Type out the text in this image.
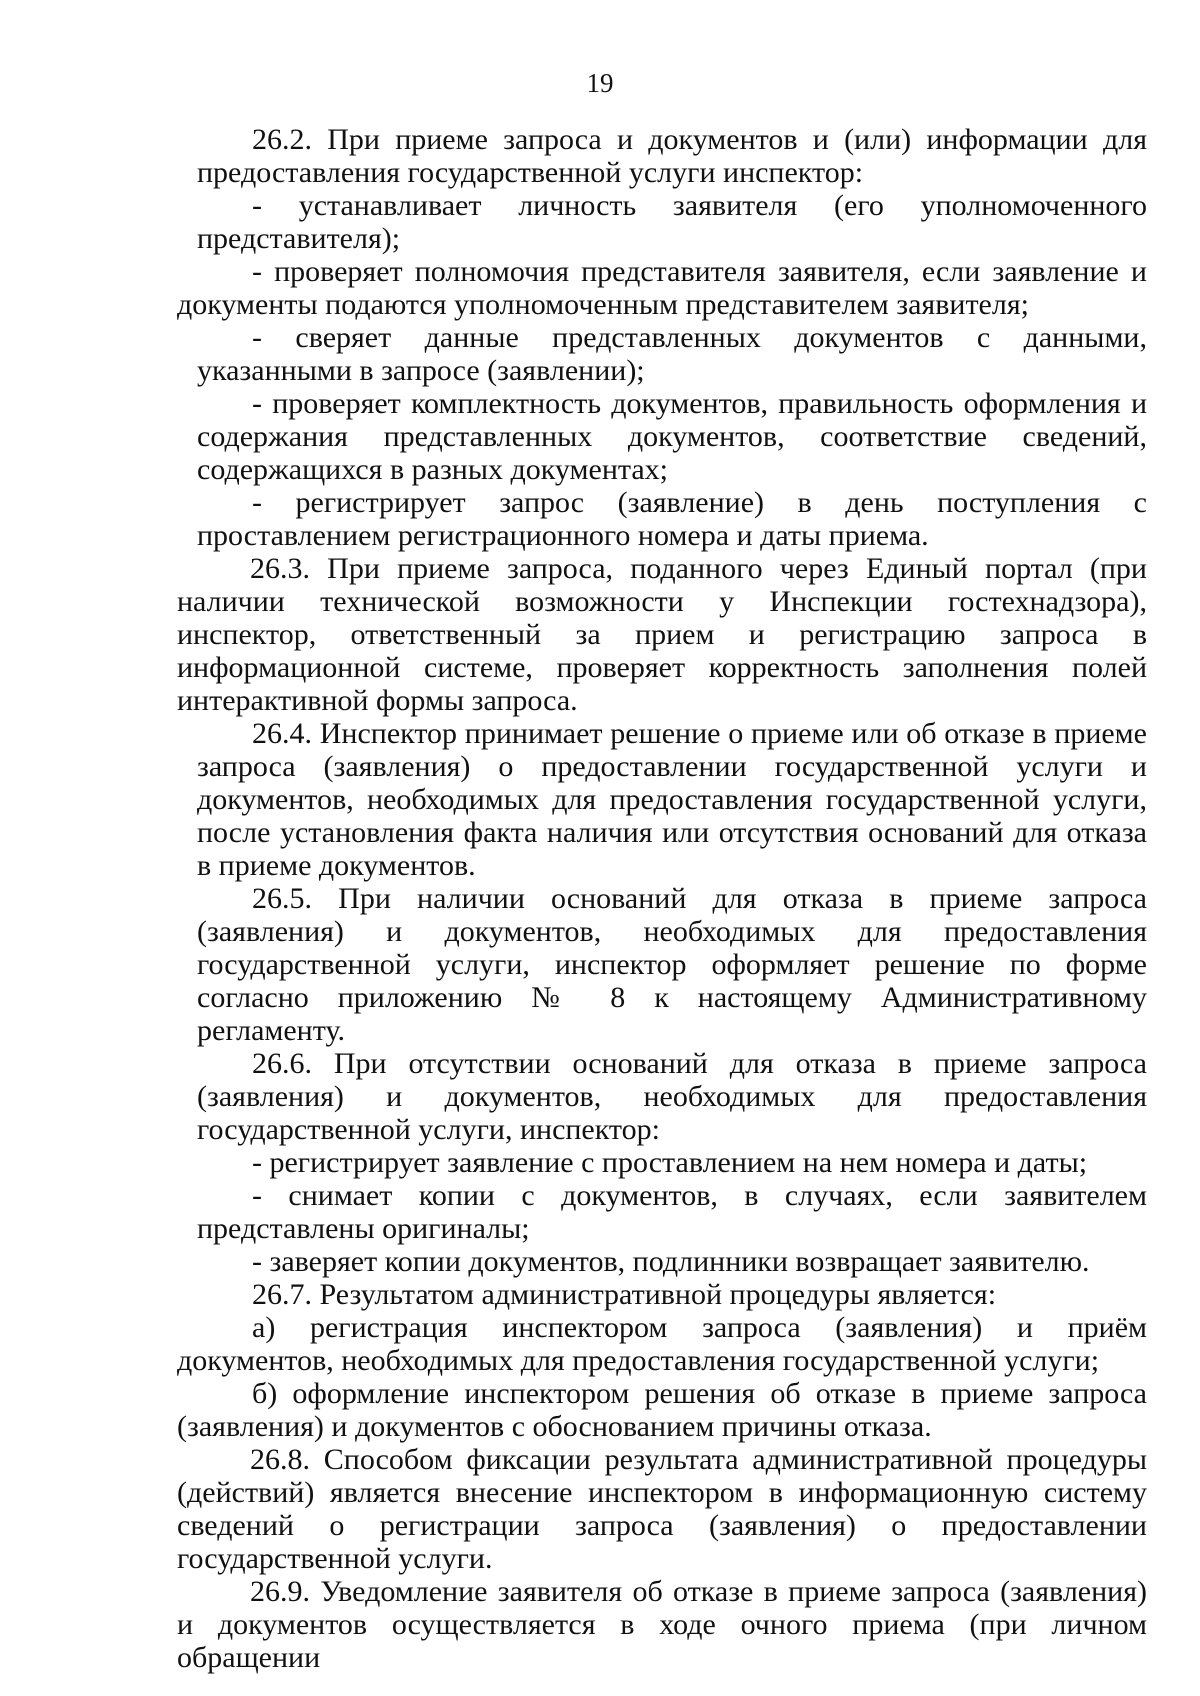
19

26.2. При приеме запроса и документов и (или) информации для предоставления государственной услуги инспектор:

- устанавливает личность заявителя (его уполномоченного представителя);

- проверяет полномочия представителя заявителя, если заявление и документы подаются уполномоченным представителем заявителя;

- сверяет данные представленных документов с данными, указанными в запросе (заявлении);

- проверяет комплектность документов, правильность оформления и содержания представленных документов, соответствие сведений, содержащихся в разных документах;

- регистрирует запрос (заявление) в день поступления с проставлением регистрационного номера и даты приема.

26.3. При приеме запроса, поданного через Единый портал (при наличии технической возможности у Инспекции гостехнадзора), инспектор, ответственный за прием и регистрацию запроса в информационной системе, проверяет корректность заполнения полей интерактивной формы запроса.

26.4. Инспектор принимает решение о приеме или об отказе в приеме запроса (заявления) о предоставлении государственной услуги и документов, необходимых для предоставления государственной услуги, после установления факта наличия или отсутствия оснований для отказа в приеме документов.

26.5. При наличии оснований для отказа в приеме запроса (заявления) и документов, необходимых для предоставления государственной услуги, инспектор оформляет решение по форме согласно приложению № 8 к настоящему Административному регламенту.

26.6. При отсутствии оснований для отказа в приеме запроса (заявления) и документов, необходимых для предоставления государственной услуги, инспектор:

- регистрирует заявление с проставлением на нем номера и даты;

- снимает копии с документов, в случаях, если заявителем представлены оригиналы;

- заверяет копии документов, подлинники возвращает заявителю.

26.7. Результатом административной процедуры является:

а) регистрация инспектором запроса (заявления) и приём документов, необходимых для предоставления государственной услуги;

б) оформление инспектором решения об отказе в приеме запроса (заявления) и документов с обоснованием причины отказа.

26.8. Способом фиксации результата административной процедуры (действий) является внесение инспектором в информационную систему сведений о регистрации запроса (заявления) о предоставлении государственной услуги.

26.9. Уведомление заявителя об отказе в приеме запроса (заявления) и документов осуществляется в ходе очного приема (при личном обращении
